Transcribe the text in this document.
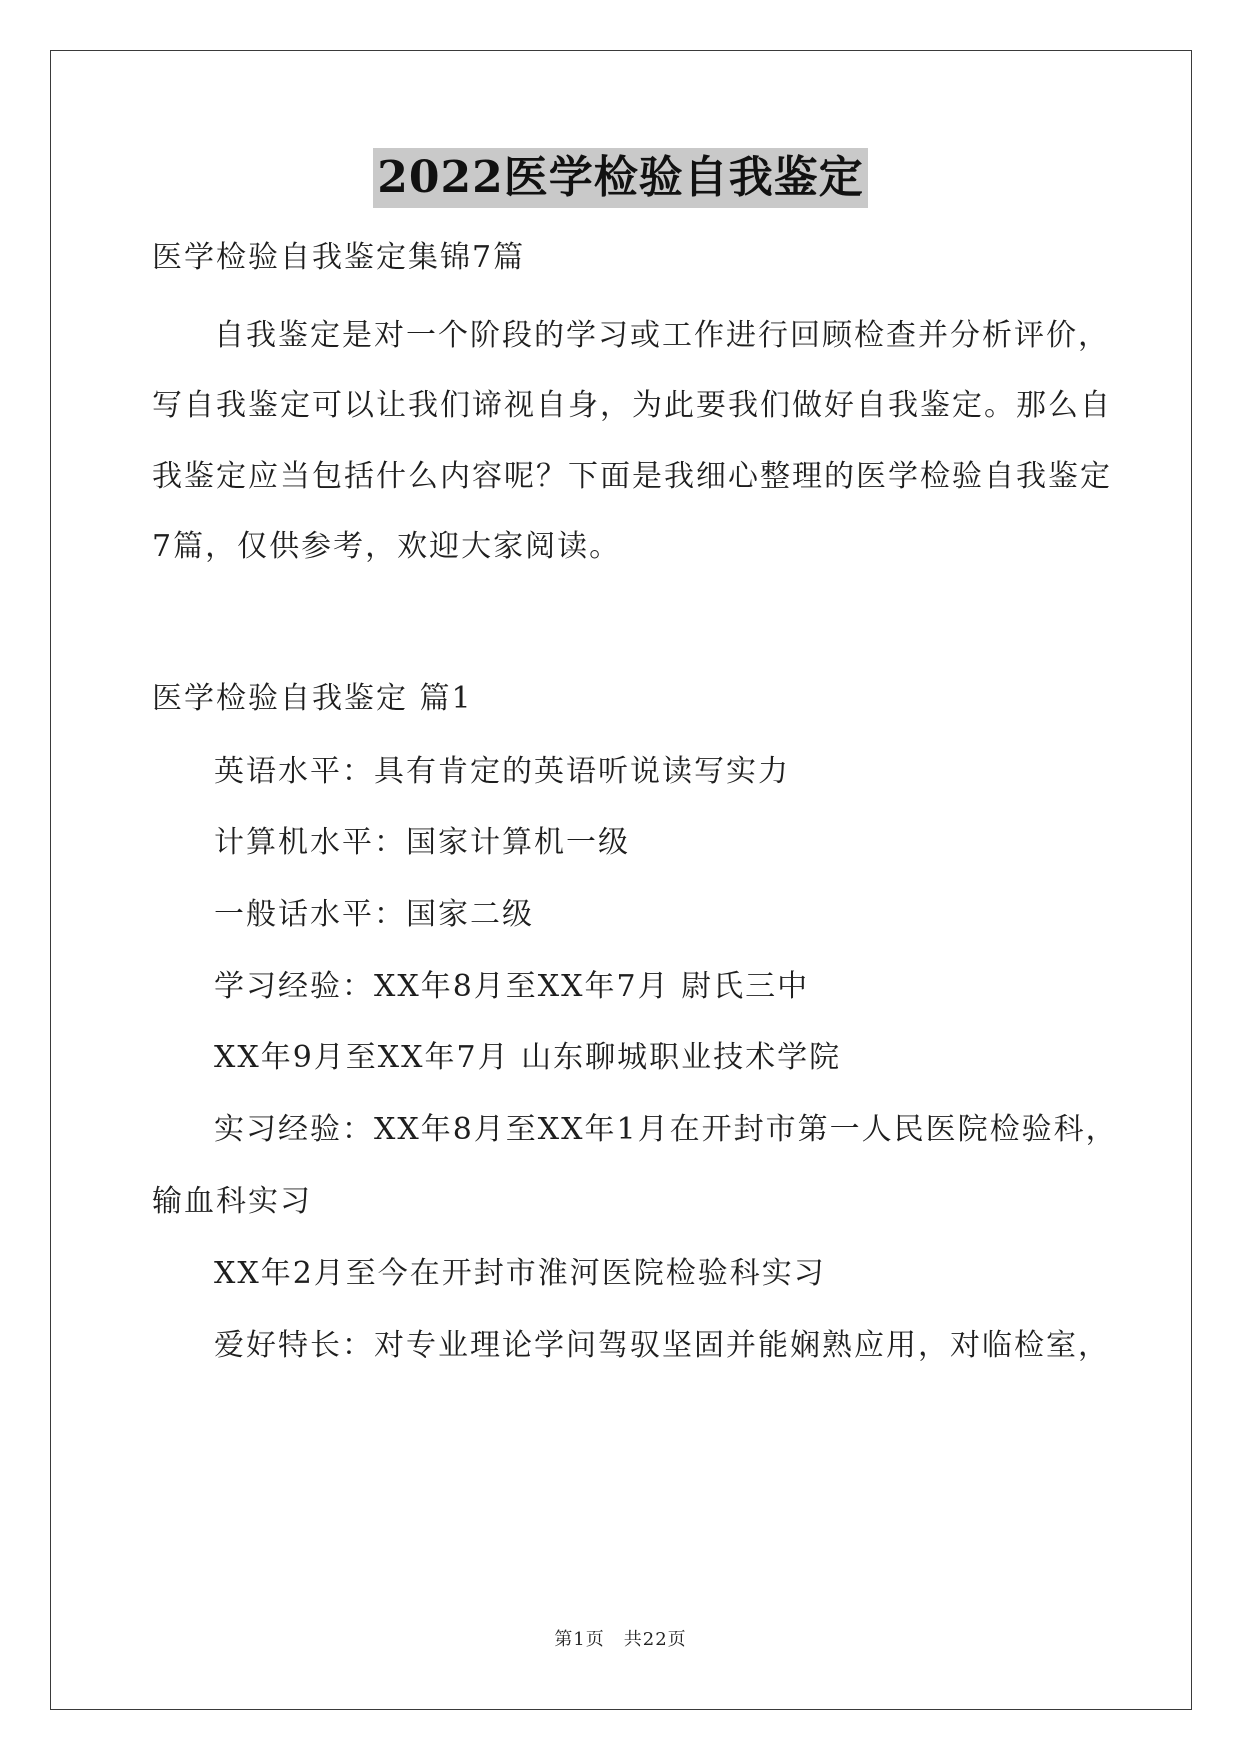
2022医学检验自我鉴定
医学检验自我鉴定集锦7篇
自我鉴定是对一个阶段的学习或工作进行回顾检查并分析评价，
写自我鉴定可以让我们谛视自身，为此要我们做好自我鉴定。那么自
我鉴定应当包括什么内容呢？下面是我细心整理的医学检验自我鉴定
7篇，仅供参考，欢迎大家阅读。
医学检验自我鉴定 篇1
英语水平：具有肯定的英语听说读写实力
计算机水平：国家计算机一级
一般话水平：国家二级
学习经验：XX年8月至XX年7月 尉氏三中
XX年9月至XX年7月 山东聊城职业技术学院
实习经验：XX年8月至XX年1月在开封市第一人民医院检验科，
输血科实习
XX年2月至今在开封市淮河医院检验科实习
爱好特长：对专业理论学问驾驭坚固并能娴熟应用，对临检室，
第1页　共22页
